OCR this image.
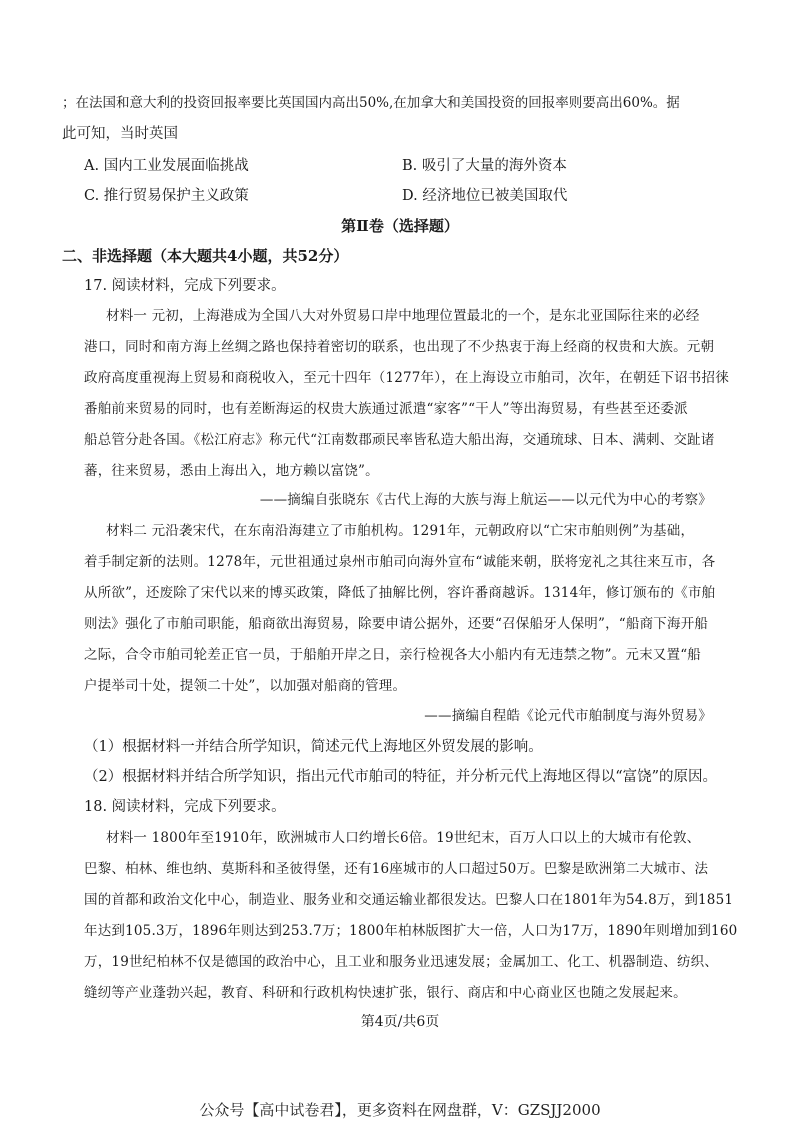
；在法国和意大利的投资回报率要比英国国内高出50%,在加拿大和美国投资的回报率则要高出60%。据
此可知，当时英国
A. 国内工业发展面临挑战	B. 吸引了大量的海外资本
C. 推行贸易保护主义政策	D. 经济地位已被美国取代
第Ⅱ卷（选择题）
二、非选择题（本大题共4小题，共52分）
17. 阅读材料，完成下列要求。
材料一 元初，上海港成为全国八大对外贸易口岸中地理位置最北的一个，是东北亚国际往来的必经
港口，同时和南方海上丝绸之路也保持着密切的联系，也出现了不少热衷于海上经商的权贵和大族。元朝
政府高度重视海上贸易和商税收入，至元十四年（1277年），在上海设立市舶司，次年，在朝廷下诏书招徕
番舶前来贸易的同时，也有差断海运的权贵大族通过派遣“家客”“干人”等出海贸易，有些甚至还委派
船总管分赴各国。《松江府志》称元代“江南数郡顽民率皆私造大船出海，交通琉球、日本、满刺、交趾诸
蕃，往来贸易，悉由上海出入，地方赖以富饶”。
——摘编自张晓东《古代上海的大族与海上航运——以元代为中心的考察》
材料二 元沿袭宋代，在东南沿海建立了市舶机构。1291年，元朝政府以“亡宋市舶则例”为基础，
着手制定新的法则。1278年，元世祖通过泉州市舶司向海外宣布“诚能来朝，朕将宠礼之其往来互市，各
从所欲”，还废除了宋代以来的博买政策，降低了抽解比例，容许番商越诉。1314年，修订颁布的《市舶
则法》强化了市舶司职能，船商欲出海贸易，除要申请公据外，还要“召保船牙人保明”，“船商下海开船
之际，合令市舶司轮差正官一员，于船舶开岸之日，亲行检视各大小船内有无违禁之物”。元末又置“船
户提举司十处，提领二十处”，以加强对船商的管理。
——摘编自程皓《论元代市舶制度与海外贸易》
（1）根据材料一并结合所学知识，简述元代上海地区外贸发展的影响。
（2）根据材料并结合所学知识，指出元代市舶司的特征，并分析元代上海地区得以“富饶”的原因。
18. 阅读材料，完成下列要求。
材料一 1800年至1910年，欧洲城市人口约增长6倍。19世纪末，百万人口以上的大城市有伦敦、
巴黎、柏林、维也纳、莫斯科和圣彼得堡，还有16座城市的人口超过50万。巴黎是欧洲第二大城市、法
国的首都和政治文化中心，制造业、服务业和交通运输业都很发达。巴黎人口在1801年为54.8万，到1851
年达到105.3万，1896年则达到253.7万；1800年柏林版图扩大一倍，人口为17万，1890年则增加到160
万，19世纪柏林不仅是德国的政治中心，且工业和服务业迅速发展；金属加工、化工、机器制造、纺织、
缝纫等产业蓬勃兴起，教育、科研和行政机构快速扩张，银行、商店和中心商业区也随之发展起来。
第4页/共6页
公众号【高中试卷君】，更多资料在网盘群，V：GZSJJ2000
